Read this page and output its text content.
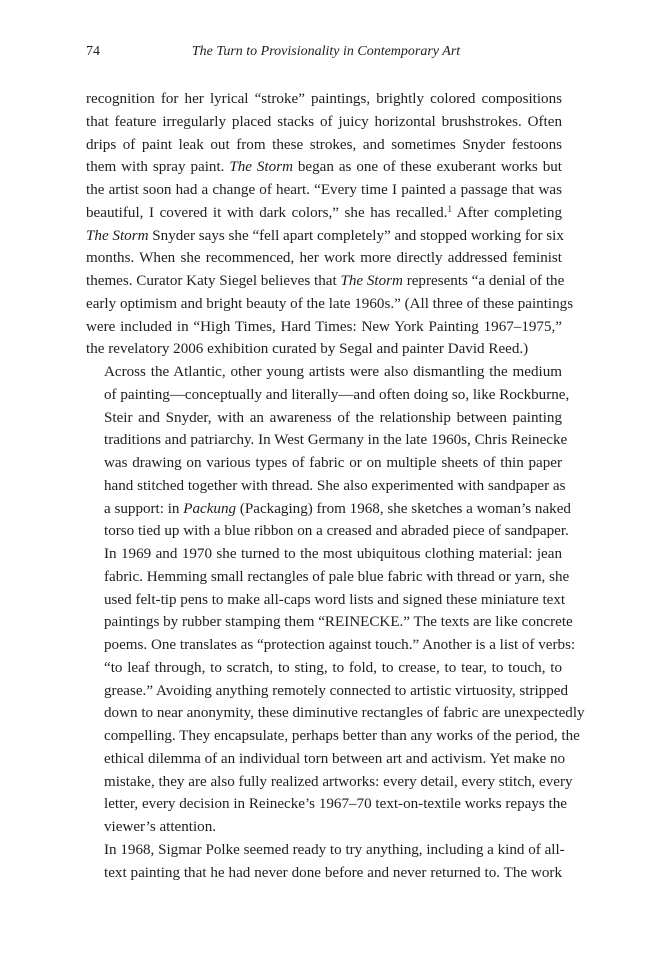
74	The Turn to Provisionality in Contemporary Art

recognition for her lyrical “stroke” paintings, brightly colored compositions
that feature irregularly placed stacks of juicy horizontal brushstrokes. Often
drips of paint leak out from these strokes, and sometimes Snyder festoons
them with spray paint. The Storm began as one of these exuberant works but
the artist soon had a change of heart. “Every time I painted a passage that was
beautiful, I covered it with dark colors,” she has recalled.$^1$ After completing
The Storm Snyder says she “fell apart completely” and stopped working for six
months. When she recommenced, her work more directly addressed feminist
themes. Curator Katy Siegel believes that The Storm represents “a denial of the
early optimism and bright beauty of the late 1960s.” (All three of these paintings
were included in “High Times, Hard Times: New York Painting 1967–1975,”
the revelatory 2006 exhibition curated by Segal and painter David Reed.)

Across the Atlantic, other young artists were also dismantling the medium
of painting—conceptually and literally—and often doing so, like Rockburne,
Steir and Snyder, with an awareness of the relationship between painting
traditions and patriarchy. In West Germany in the late 1960s, Chris Reinecke
was drawing on various types of fabric or on multiple sheets of thin paper
hand stitched together with thread. She also experimented with sandpaper as
a support: in Packung (Packaging) from 1968, she sketches a woman’s naked
torso tied up with a blue ribbon on a creased and abraded piece of sandpaper.
In 1969 and 1970 she turned to the most ubiquitous clothing material: jean
fabric. Hemming small rectangles of pale blue fabric with thread or yarn, she
used felt-tip pens to make all-caps word lists and signed these miniature text
paintings by rubber stamping them “REINECKE.” The texts are like concrete
poems. One translates as “protection against touch.” Another is a list of verbs:
“to leaf through, to scratch, to sting, to fold, to crease, to tear, to touch, to
grease.” Avoiding anything remotely connected to artistic virtuosity, stripped
down to near anonymity, these diminutive rectangles of fabric are unexpectedly
compelling. They encapsulate, perhaps better than any works of the period, the
ethical dilemma of an individual torn between art and activism. Yet make no
mistake, they are also fully realized artworks: every detail, every stitch, every
letter, every decision in Reinecke’s 1967–70 text-on-textile works repays the
viewer’s attention.

In 1968, Sigmar Polke seemed ready to try anything, including a kind of all-
text painting that he had never done before and never returned to. The work
